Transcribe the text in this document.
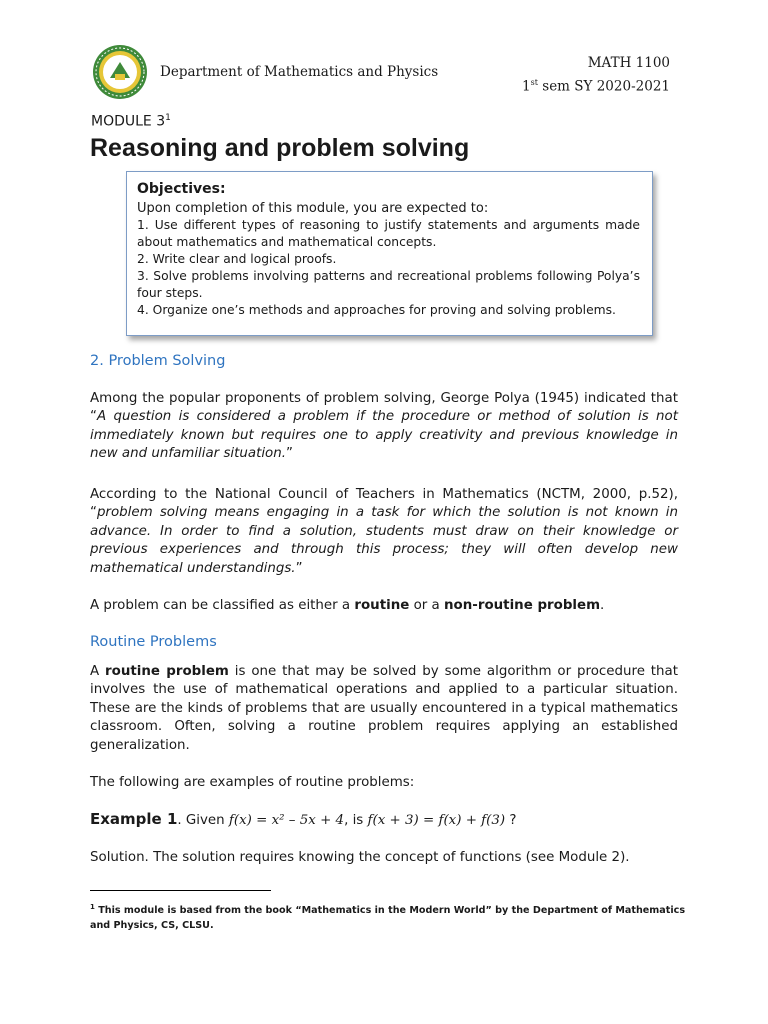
Department of Mathematics and Physics
MATH 1100
1st sem SY 2020-2021
MODULE $3^1$
Reasoning and problem solving
Objectives:
Upon completion of this module, you are expected to:
1. Use different types of reasoning to justify statements and arguments made about mathematics and mathematical concepts.
2. Write clear and logical proofs.
3. Solve problems involving patterns and recreational problems following Polya’s four steps.
4. Organize one’s methods and approaches for proving and solving problems.
2. Problem Solving
Among the popular proponents of problem solving, George Polya (1945) indicated that “A question is considered a problem if the procedure or method of solution is not immediately known but requires one to apply creativity and previous knowledge in new and unfamiliar situation.”
According to the National Council of Teachers in Mathematics (NCTM, 2000, p.52), “problem solving means engaging in a task for which the solution is not known in advance. In order to find a solution, students must draw on their knowledge or previous experiences and through this process; they will often develop new mathematical understandings.”
A problem can be classified as either a routine or a non-routine problem.
Routine Problems
A routine problem is one that may be solved by some algorithm or procedure that involves the use of mathematical operations and applied to a particular situation. These are the kinds of problems that are usually encountered in a typical mathematics classroom. Often, solving a routine problem requires applying an established generalization.
The following are examples of routine problems:
Example 1. Given f(x) = x² – 5x + 4, is f(x + 3) = f(x) + f(3) ?
Solution. The solution requires knowing the concept of functions (see Module 2).
$^1$ This module is based from the book “Mathematics in the Modern World” by the Department of Mathematics and Physics, CS, CLSU.
